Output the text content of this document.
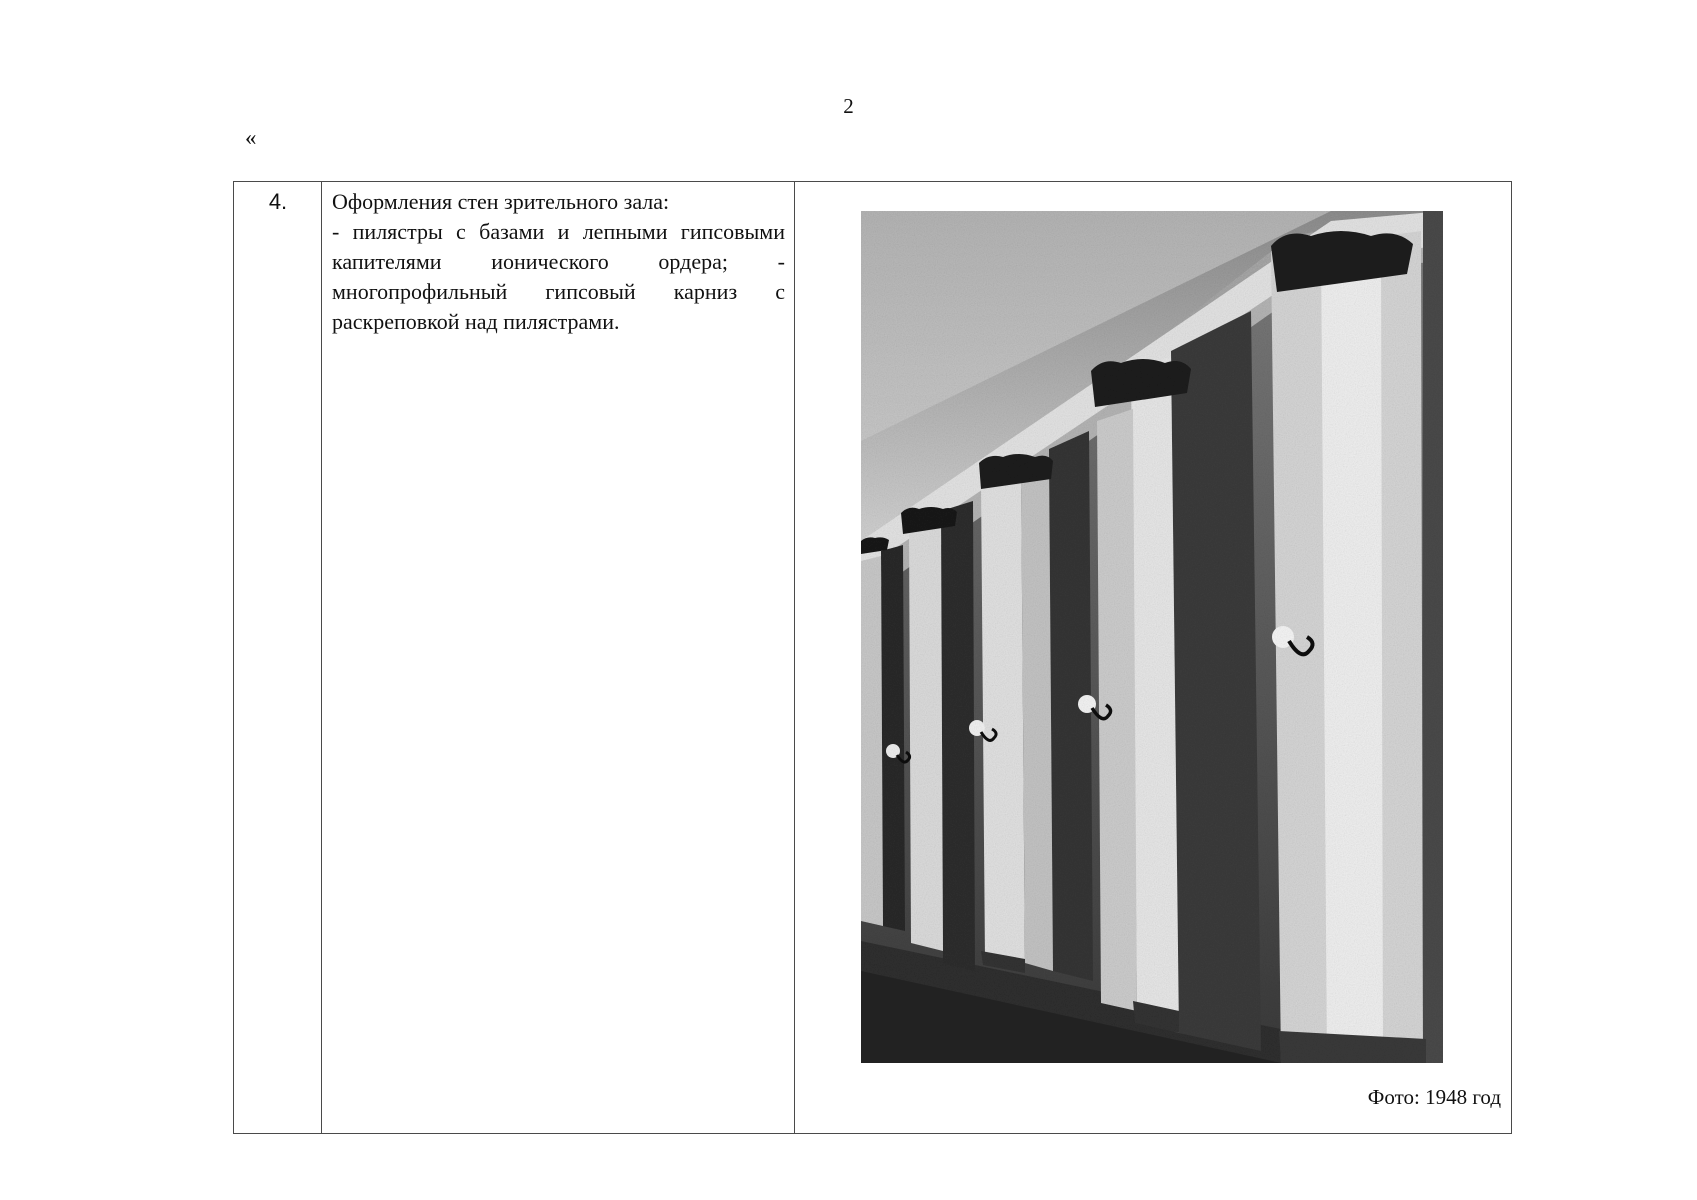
2
«
4.	Оформления стен зрительного зала:

- пилястры с базами и лепными гипсовыми капителями ионического ордера; - многопрофильный гипсовый карниз с раскреповкой над пилястрами.

Фото: 1948 год
